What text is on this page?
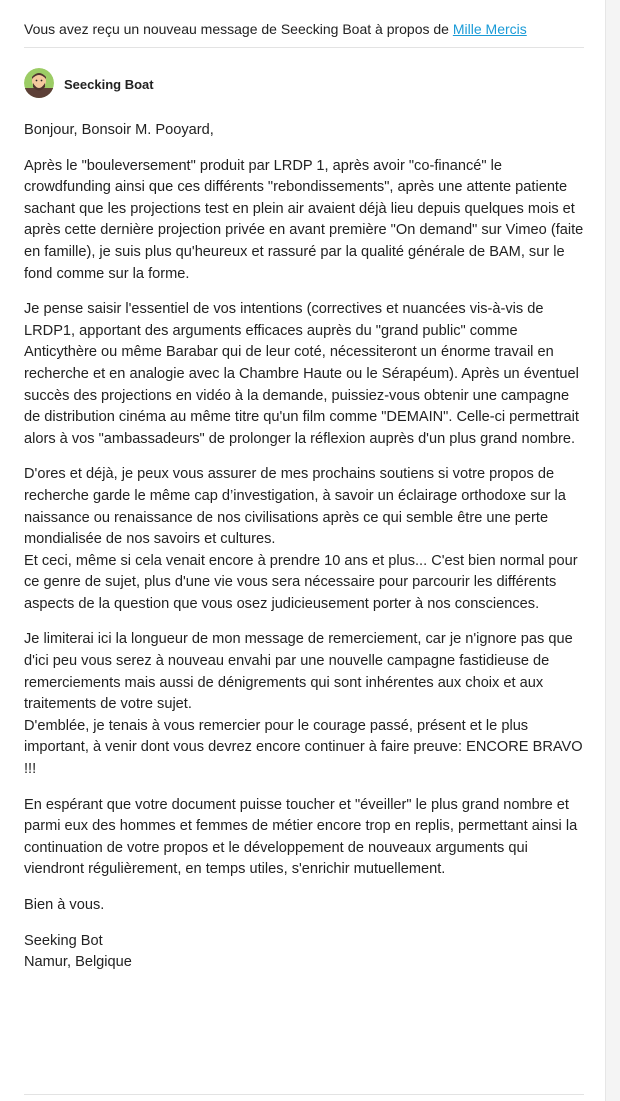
Vous avez reçu un nouveau message de Seecking Boat à propos de Mille Mercis

Seecking Boat

Bonjour, Bonsoir M. Pooyard,

Après le "bouleversement" produit par LRDP 1, après avoir "co-financé" le crowdfunding ainsi que ces différents "rebondissements", après une attente patiente sachant que les projections test en plein air avaient déjà lieu depuis quelques mois et après cette dernière projection privée en avant première "On demand" sur Vimeo (faite en famille), je suis plus qu'heureux et rassuré par la qualité générale de BAM, sur le fond comme sur la forme.

Je pense saisir l'essentiel de vos intentions (correctives et nuancées vis-à-vis de LRDP1, apportant des arguments efficaces auprès du "grand public" comme Anticythère ou même Barabar qui de leur coté, nécessiteront un énorme travail en recherche et en analogie avec la Chambre Haute ou le Sérapéum). Après un éventuel succès des projections en vidéo à la demande, puissiez-vous obtenir une campagne de distribution cinéma au même titre qu'un film comme "DEMAIN". Celle-ci permettrait alors à vos "ambassadeurs" de prolonger la réflexion auprès d'un plus grand nombre.

D'ores et déjà, je peux vous assurer de mes prochains soutiens si votre propos de recherche garde le même cap d’investigation, à savoir un éclairage orthodoxe sur la naissance ou renaissance de nos civilisations après ce qui semble être une perte mondialisée de nos savoirs et cultures.
Et ceci, même si cela venait encore à prendre 10 ans et plus... C'est bien normal pour ce genre de sujet, plus d'une vie vous sera nécessaire pour parcourir les différents aspects de la question que vous osez judicieusement porter à nos consciences.

Je limiterai ici la longueur de mon message de remerciement, car je n'ignore pas que d'ici peu vous serez à nouveau envahi par une nouvelle campagne fastidieuse de remerciements mais aussi de dénigrements qui sont inhérentes aux choix et aux traitements de votre sujet.
D'emblée, je tenais à vous remercier pour le courage passé, présent et le plus important, à venir dont vous devrez encore continuer à faire preuve: ENCORE BRAVO !!!

En espérant que votre document puisse toucher et "éveiller" le plus grand nombre et parmi eux des hommes et femmes de métier encore trop en replis, permettant ainsi la continuation de votre propos et le développement de nouveaux arguments qui viendront régulièrement, en temps utiles, s'enrichir mutuellement.

Bien à vous.

Seeking Bot
Namur, Belgique
